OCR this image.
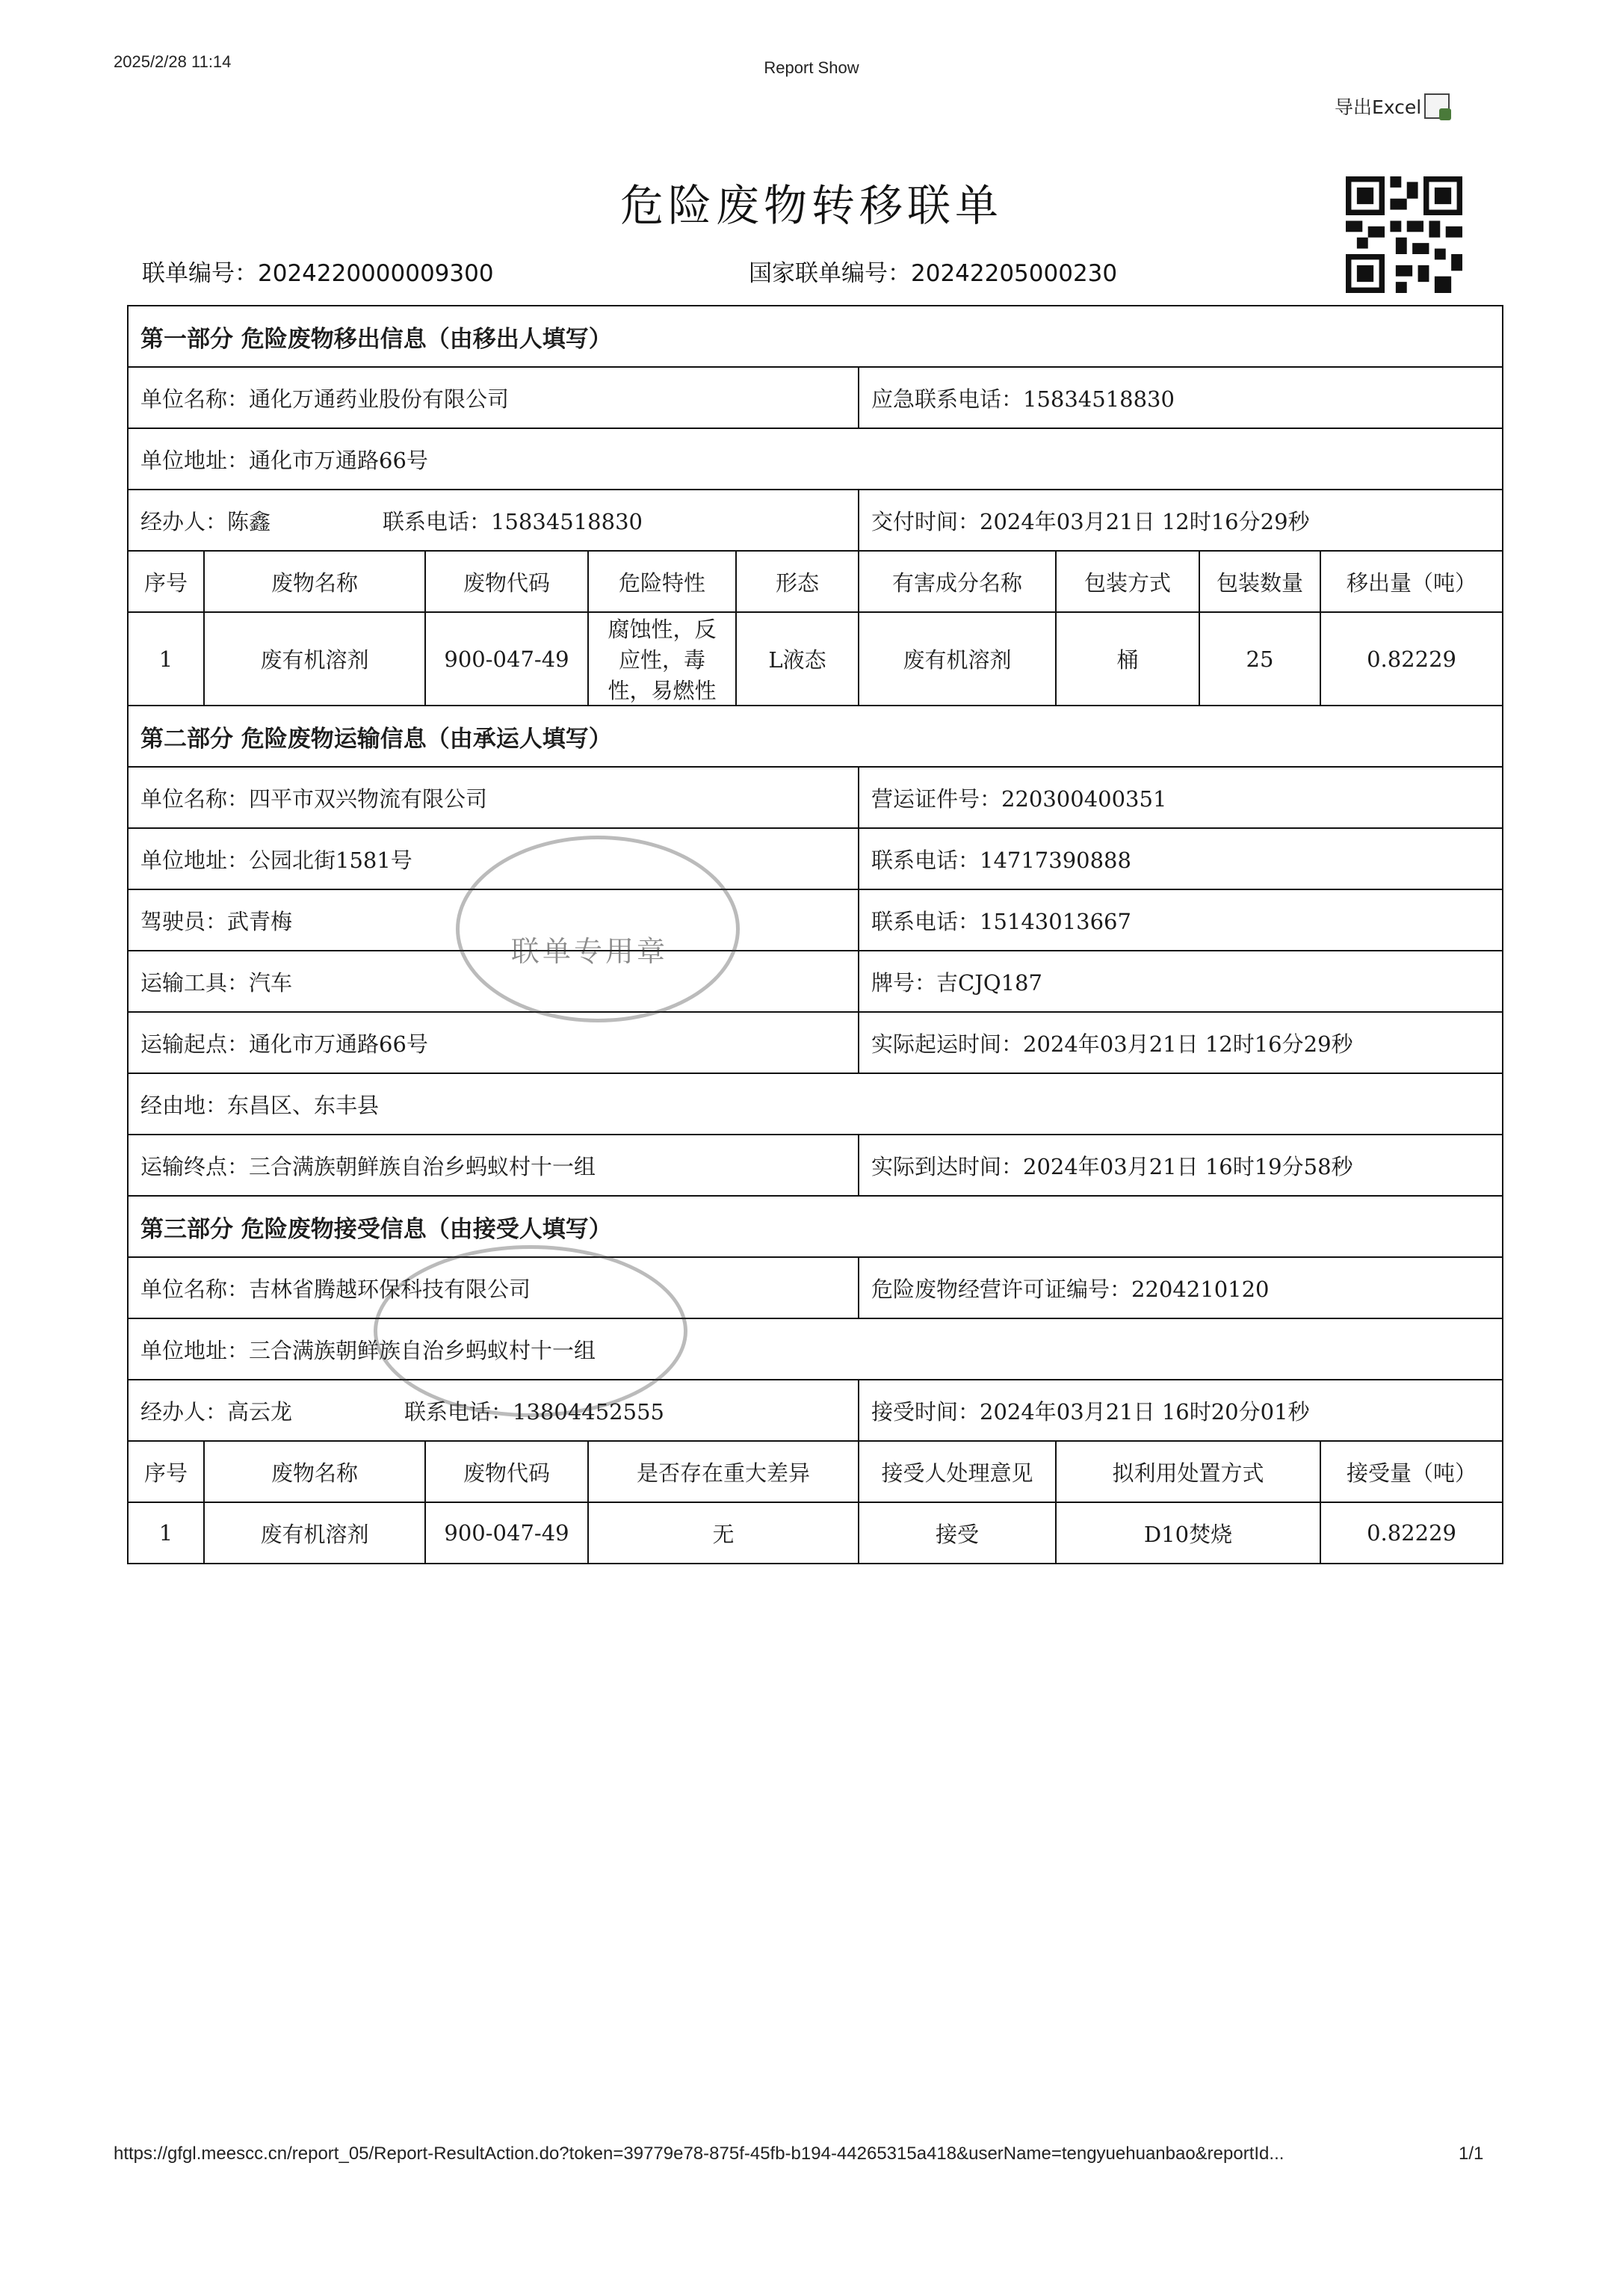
2025/2/28 11:14	Report Show
导出Excel
危险废物转移联单
联单编号：2024220000009300	国家联单编号：20242205000230
第一部分 危险废物移出信息（由移出人填写）								
单位名称：通化万通药业股份有限公司					应急联系电话：15834518830			
单位地址：通化市万通路66号								
经办人：陈鑫 联系电话：15834518830					交付时间：2024年03月21日 12时16分29秒			
序号	废物名称	废物代码	危险特性	形态	有害成分名称	包装方式	包装数量	移出量（吨）
1	废有机溶剂	900-047-49	腐蚀性，反应性，毒性，易燃性	L液态	废有机溶剂	桶	25	0.82229
第二部分 危险废物运输信息（由承运人填写）								
单位名称：四平市双兴物流有限公司					营运证件号：220300400351			
单位地址：公园北街1581号					联系电话：14717390888			
驾驶员：武青梅					联系电话：15143013667			
运输工具：汽车					牌号：吉CJQ187			
运输起点：通化市万通路66号					实际起运时间：2024年03月21日 12时16分29秒			
经由地：东昌区、东丰县								
运输终点：三合满族朝鲜族自治乡蚂蚁村十一组					实际到达时间：2024年03月21日 16时19分58秒			
第三部分 危险废物接受信息（由接受人填写）								
单位名称：吉林省腾越环保科技有限公司					危险废物经营许可证编号：2204210120			
单位地址：三合满族朝鲜族自治乡蚂蚁村十一组								
经办人：高云龙 联系电话：13804452555					接受时间：2024年03月21日 16时20分01秒			
序号	废物名称	废物代码	是否存在重大差异		接受人处理意见	拟利用处置方式		接受量（吨）
1	废有机溶剂	900-047-49	无		接受	D10焚烧		0.82229
联单专用章
https://gfgl.meescc.cn/report_05/Report-ResultAction.do?token=39779e78-875f-45fb-b194-44265315a418&userName=tengyuehuanbao&reportId...	1/1
